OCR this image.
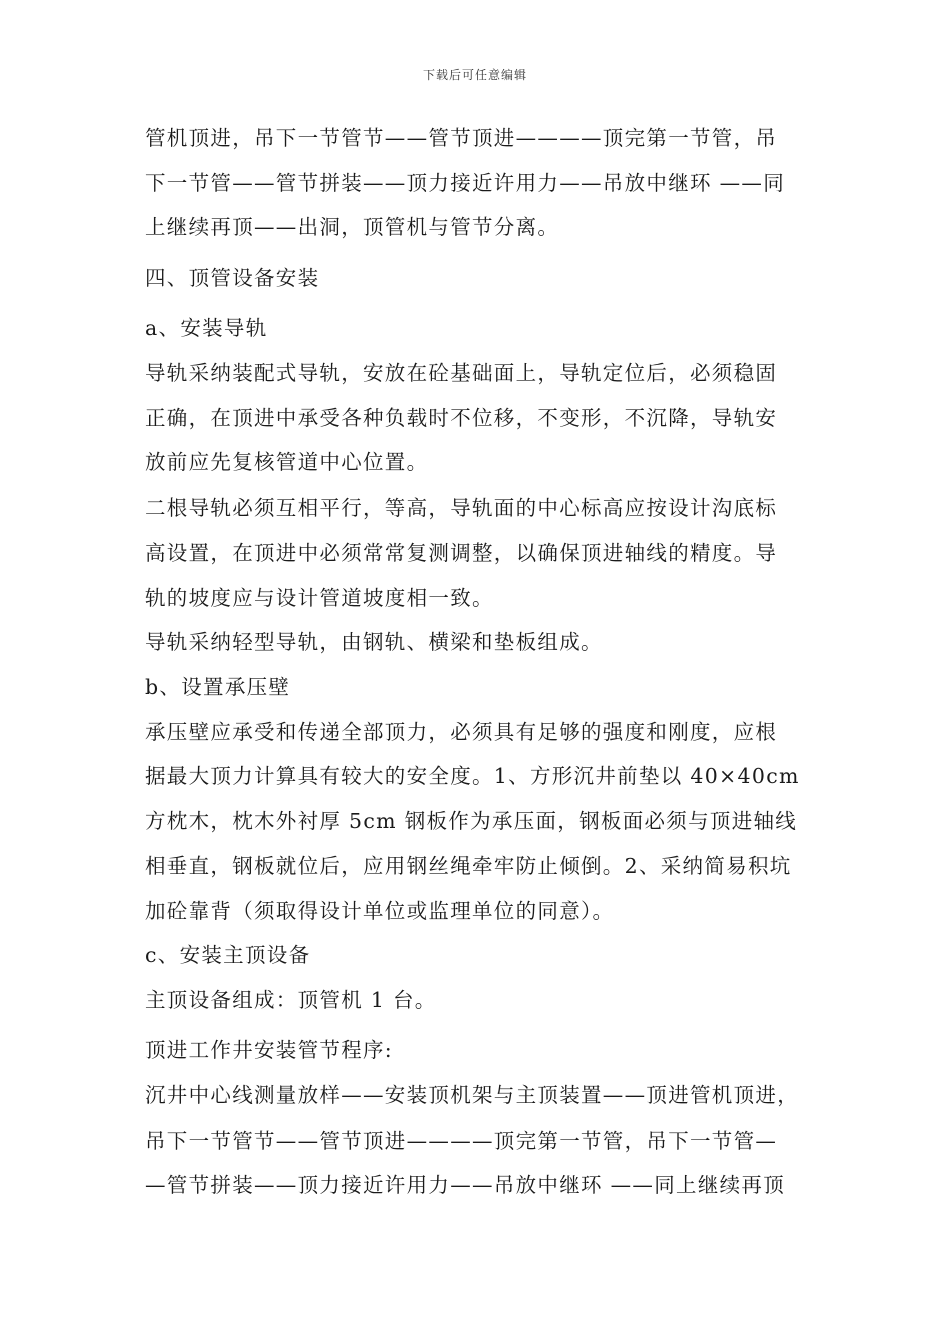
下载后可任意编辑
管机顶进，吊下一节管节——管节顶进————顶完第一节管，吊
下一节管——管节拼装——顶力接近许用力——吊放中继环 ——同
上继续再顶——出洞，顶管机与管节分离。
四、顶管设备安装
a、安装导轨
导轨采纳装配式导轨，安放在砼基础面上，导轨定位后，必须稳固
正确，在顶进中承受各种负载时不位移，不变形，不沉降，导轨安
放前应先复核管道中心位置。
二根导轨必须互相平行，等高，导轨面的中心标高应按设计沟底标
高设置，在顶进中必须常常复测调整，以确保顶进轴线的精度。导
轨的坡度应与设计管道坡度相一致。
导轨采纳轻型导轨，由钢轨、横梁和垫板组成。
b、设置承压壁
承压壁应承受和传递全部顶力，必须具有足够的强度和刚度，应根
据最大顶力计算具有较大的安全度。1、方形沉井前垫以 40×40cm
方枕木，枕木外衬厚 5cm 钢板作为承压面，钢板面必须与顶进轴线
相垂直，钢板就位后，应用钢丝绳牵牢防止倾倒。2、采纳简易积坑
加砼靠背（须取得设计单位或监理单位的同意）。
c、安装主顶设备
主顶设备组成：顶管机 1 台。
顶进工作井安装管节程序:
沉井中心线测量放样——安装顶机架与主顶装置——顶进管机顶进，
吊下一节管节——管节顶进————顶完第一节管，吊下一节管—
—管节拼装——顶力接近许用力——吊放中继环 ——同上继续再顶
